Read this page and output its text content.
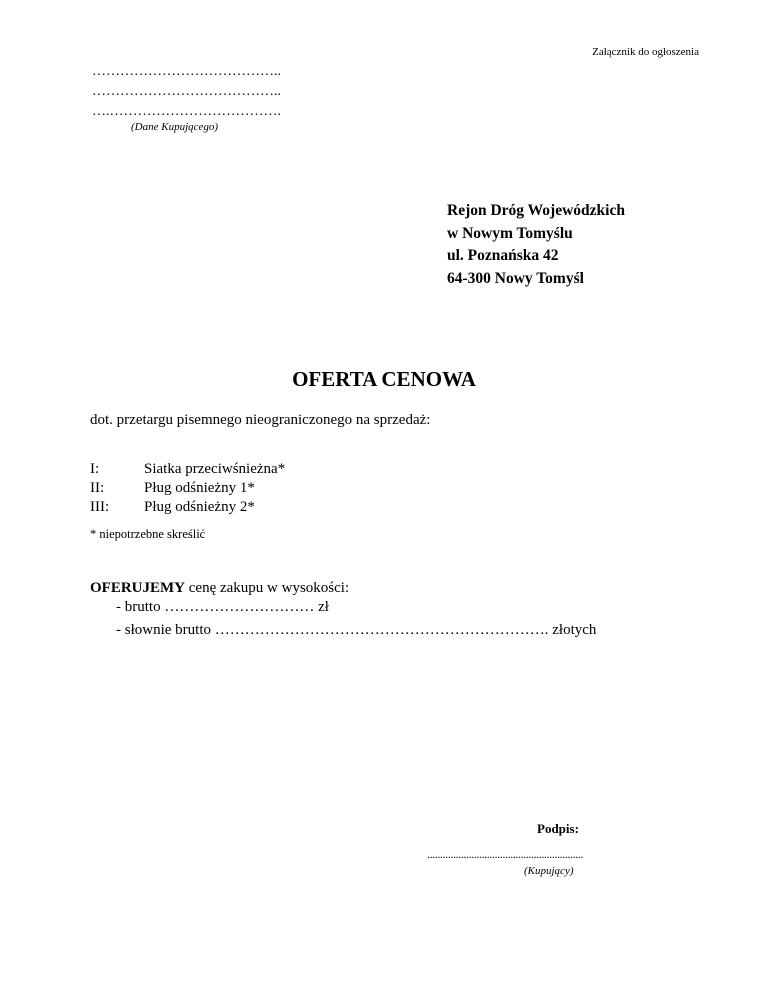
Załącznik do ogłoszenia
…………………………………..
…………………………………..
….……………………………….
(Dane Kupującego)
Rejon Dróg Wojewódzkich
w Nowym Tomyślu
ul. Poznańska 42
64-300 Nowy Tomyśl
OFERTA CENOWA
dot. przetargu pisemnego nieograniczonego na sprzedaż:
I:	Siatka przeciwśnieżna*
II:	Pług odśnieżny 1*
III:	Pług odśnieżny 2*
* niepotrzebne skreślić
OFERUJEMY cenę zakupu w wysokości:
- brutto ………………………… zł
- słownie brutto …………………………………………………………. złotych
Podpis:
............................................................
(Kupujący)
